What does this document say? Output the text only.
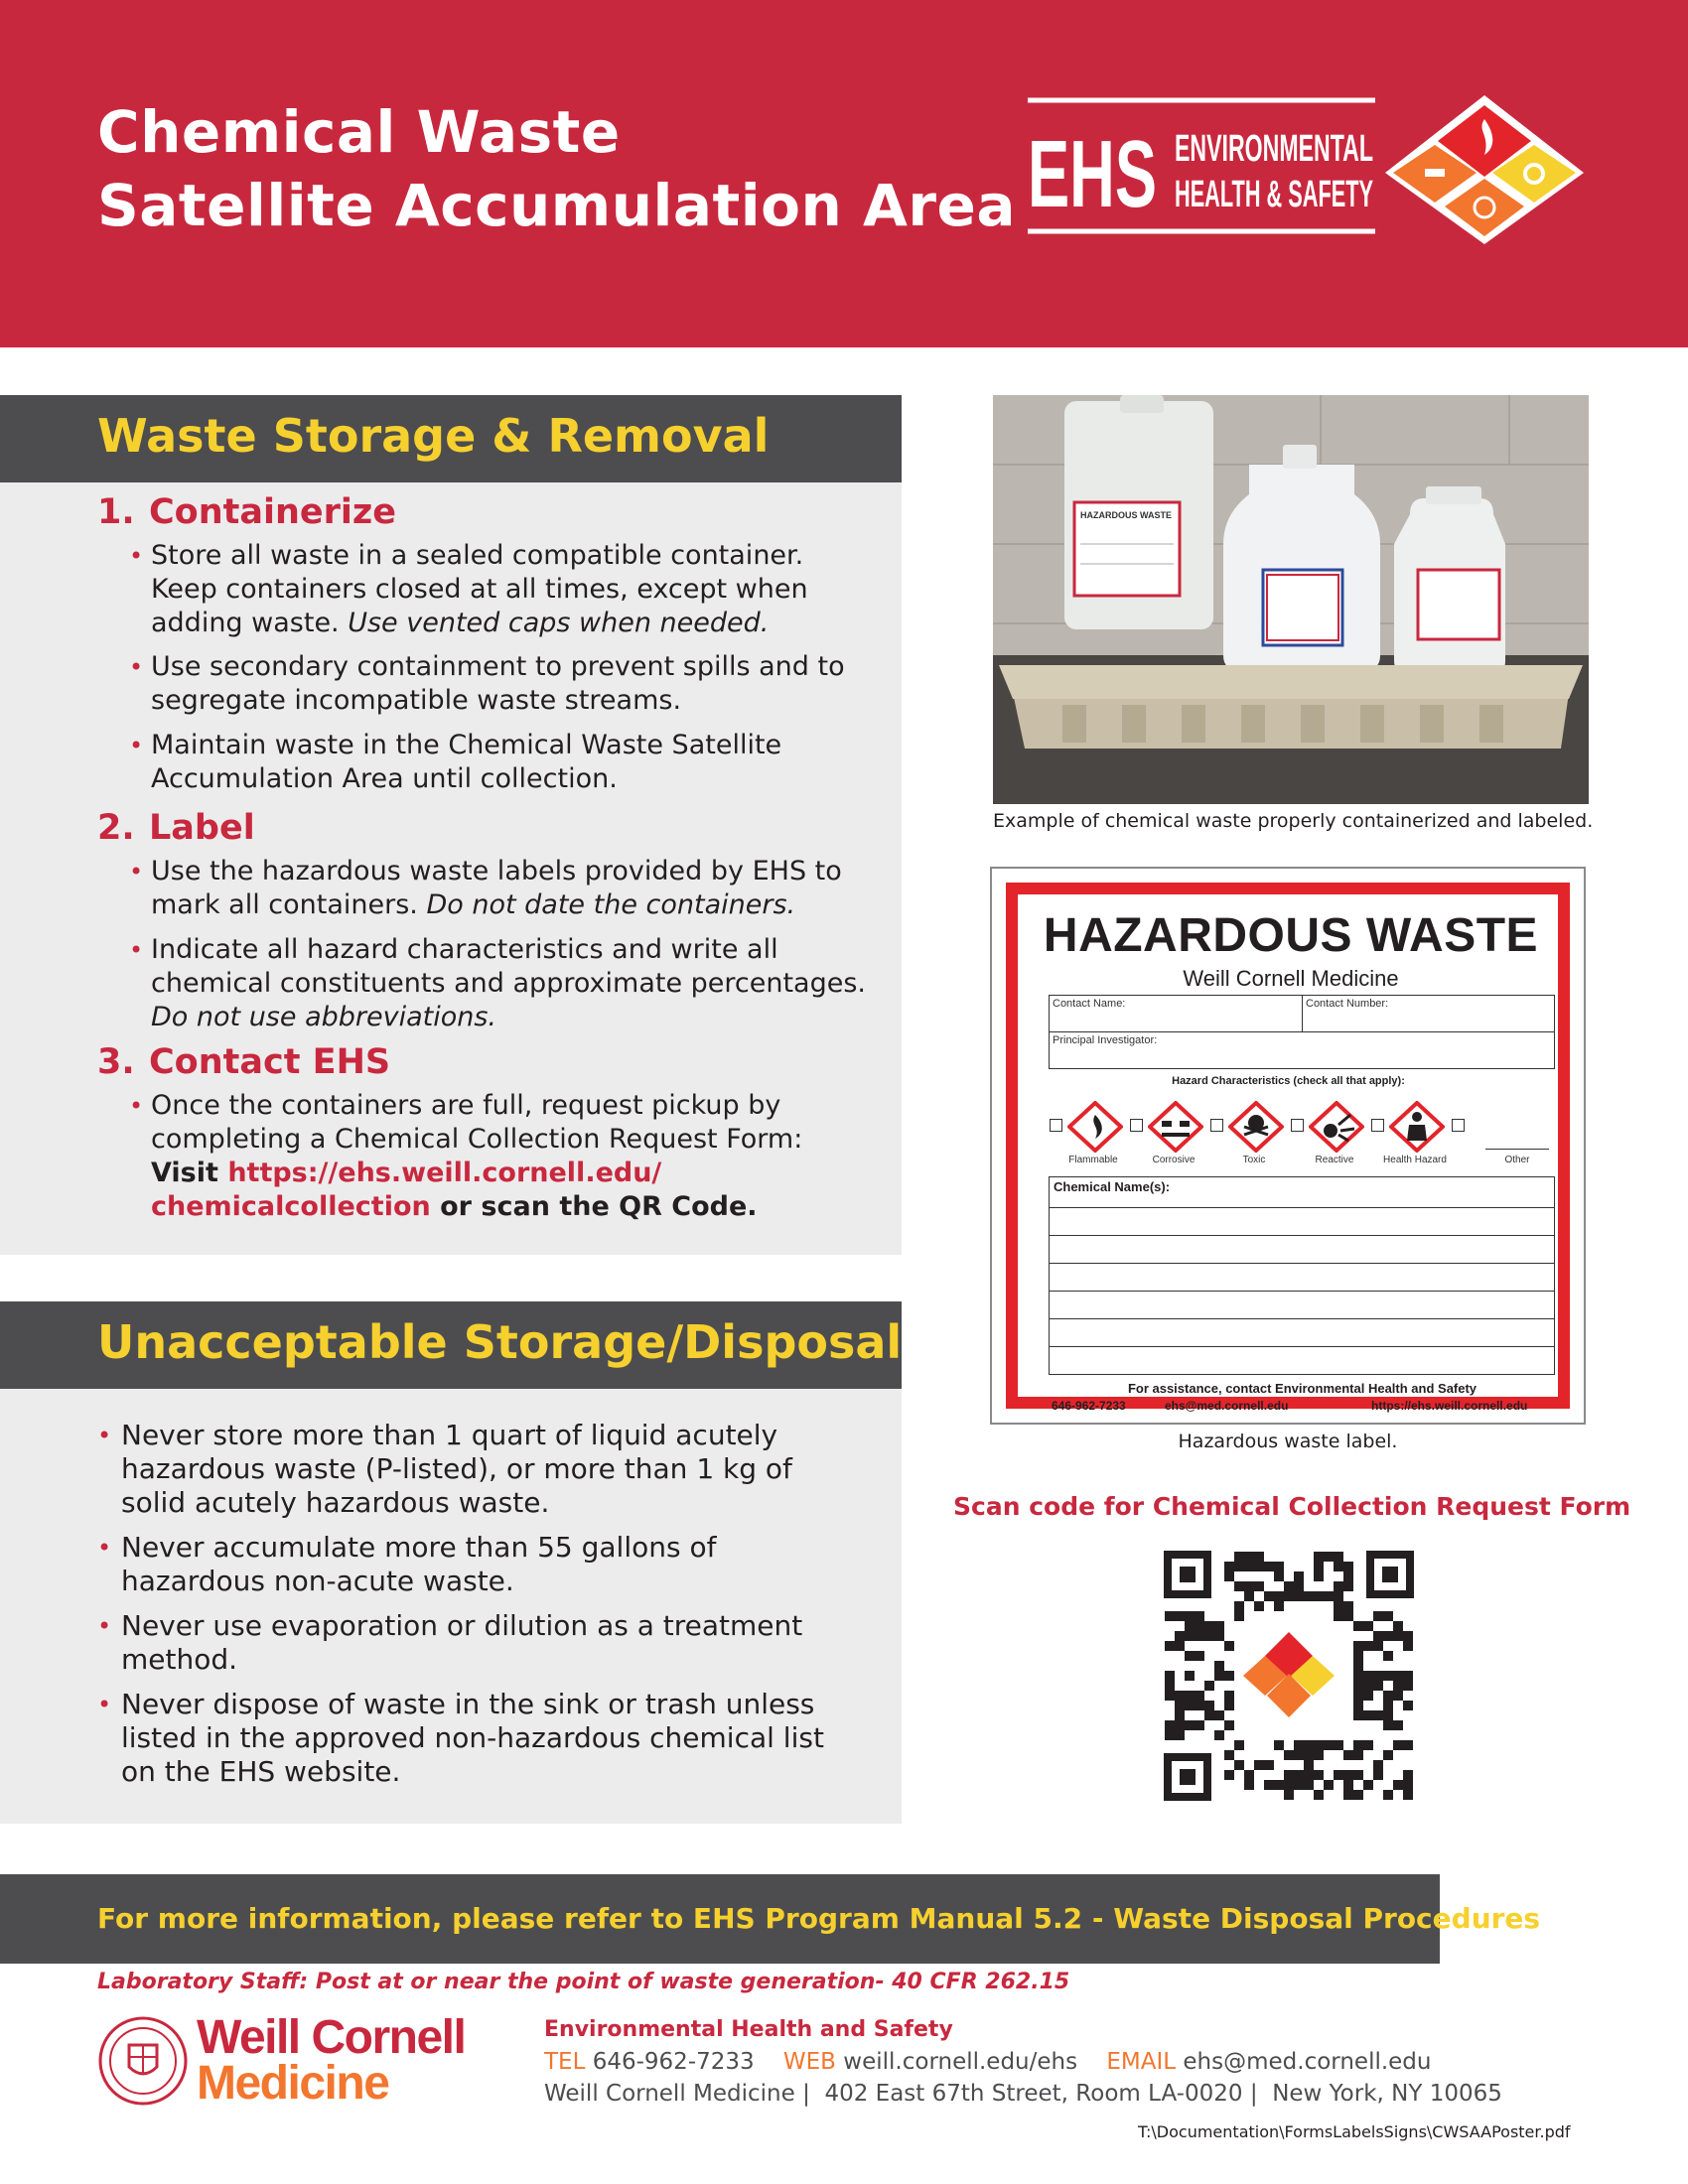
Chemical Waste
Satellite Accumulation Area EHS ENVIRONMENTAL
HEALTH & SAFETY
Waste Storage & Removal
1. Containerize
• Store all waste in a sealed compatible container. Keep containers closed at all times, except when adding waste. Use vented caps when needed.
• Use secondary containment to prevent spills and to segregate incompatible waste streams.
• Maintain waste in the Chemical Waste Satellite Accumulation Area until collection.
2. Label
• Use the hazardous waste labels provided by EHS to mark all containers. Do not date the containers.
• Indicate all hazard characteristics and write all chemical constituents and approximate percentages. Do not use abbreviations.
3. Contact EHS
• Once the containers are full, request pickup by completing a Chemical Collection Request Form: Visit https://ehs.weill.cornell.edu/
chemicalcollection or scan the QR Code.
Unacceptable Storage/Disposal
• Never store more than 1 quart of liquid acutely hazardous waste (P-listed), or more than 1 kg of solid acutely hazardous waste.
• Never accumulate more than 55 gallons of hazardous non-acute waste.
• Never use evaporation or dilution as a treatment method.
• Never dispose of waste in the sink or trash unless listed in the approved non-hazardous chemical list on the EHS website.
HAZARDOUS WASTE
Example of chemical waste properly containerized and labeled.
HAZARDOUS WASTE
Weill Cornell Medicine
Contact Name:	Contact Number:
Principal Investigator:
Hazard Characteristics (check all that apply):
Flammable	Corrosive	Toxic	Reactive	Health Hazard	Other
Chemical Name(s):
For assistance, contact Environmental Health and Safety
646-962-7233	ehs@med.cornell.edu	https://ehs.weill.cornell.edu
Hazardous waste label.
Scan code for Chemical Collection Request Form
For more information, please refer to EHS Program Manual 5.2 - Waste Disposal Procedures
Laboratory Staff: Post at or near the point of waste generation- 40 CFR 262.15
Weill Cornell
Medicine
Environmental Health and Safety
TEL 646-962-7233 WEB weill.cornell.edu/ehs EMAIL ehs@med.cornell.edu
Weill Cornell Medicine |  402 East 67th Street, Room LA-0020 |  New York, NY 10065
T:\Documentation\FormsLabelsSigns\CWSAAPoster.pdf
